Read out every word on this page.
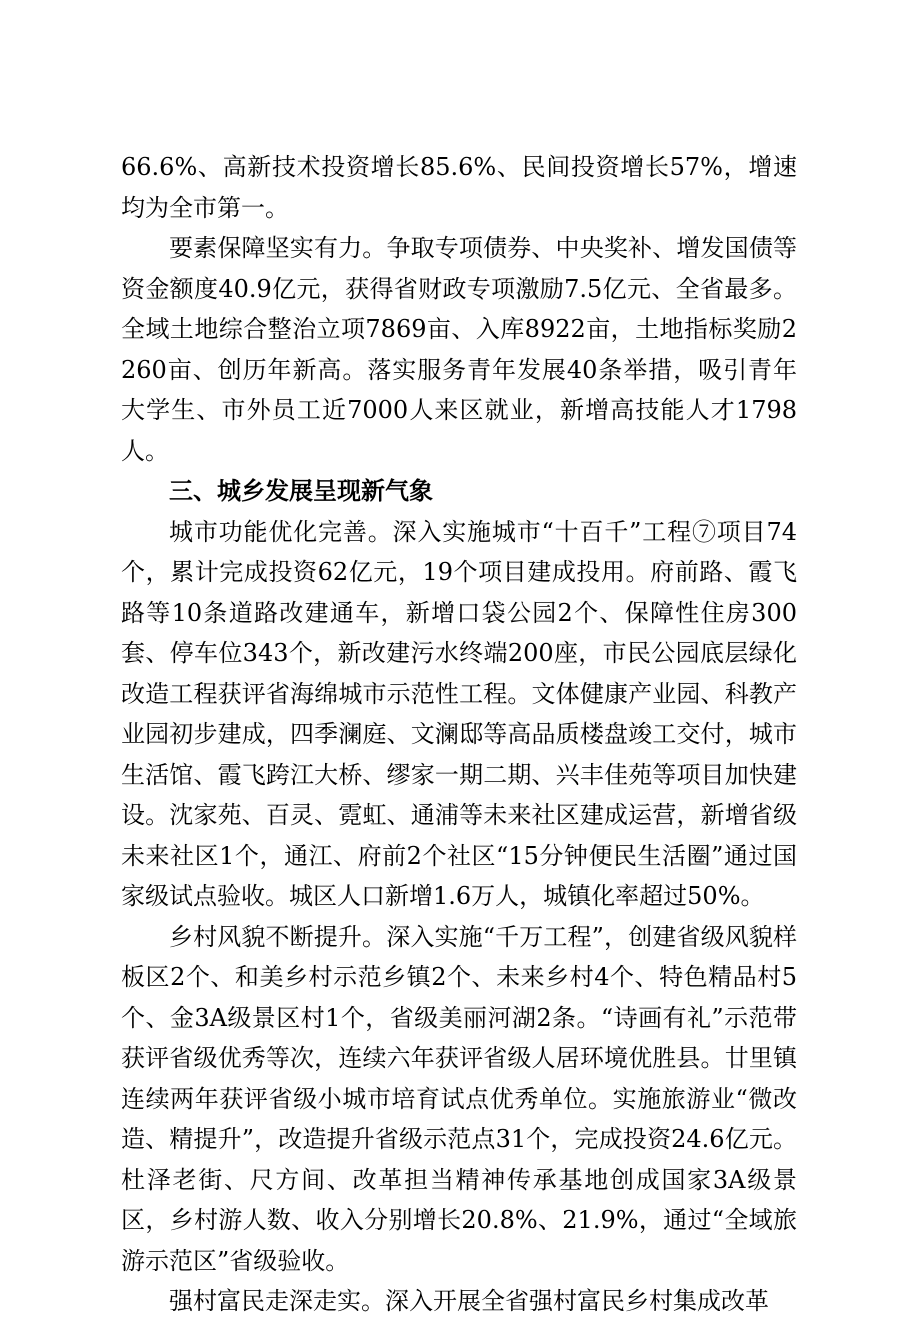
66.6%、高新技术投资增长85.6%、民间投资增长57%，增速均为全市第一。

要素保障坚实有力。争取专项债券、中央奖补、增发国债等资金额度40.9亿元，获得省财政专项激励7.5亿元、全省最多。全域土地综合整治立项7869亩、入库8922亩，土地指标奖励2260亩、创历年新高。落实服务青年发展40条举措，吸引青年大学生、市外员工近7000人来区就业，新增高技能人才1798人。

三、城乡发展呈现新气象

城市功能优化完善。深入实施城市“十百千”工程⑦项目74个，累计完成投资62亿元，19个项目建成投用。府前路、霞飞路等10条道路改建通车，新增口袋公园2个、保障性住房300套、停车位343个，新改建污水终端200座，市民公园底层绿化改造工程获评省海绵城市示范性工程。文体健康产业园、科教产业园初步建成，四季澜庭、文澜邸等高品质楼盘竣工交付，城市生活馆、霞飞跨江大桥、缪家一期二期、兴丰佳苑等项目加快建设。沈家苑、百灵、霓虹、通浦等未来社区建成运营，新增省级未来社区1个，通江、府前2个社区“15分钟便民生活圈”通过国家级试点验收。城区人口新增1.6万人，城镇化率超过50%。

乡村风貌不断提升。深入实施“千万工程”，创建省级风貌样板区2个、和美乡村示范乡镇2个、未来乡村4个、特色精品村5个、金3A级景区村1个，省级美丽河湖2条。“诗画有礼”示范带获评省级优秀等次，连续六年获评省级人居环境优胜县。廿里镇连续两年获评省级小城市培育试点优秀单位。实施旅游业“微改造、精提升”，改造提升省级示范点31个，完成投资24.6亿元。杜泽老街、尺方间、改革担当精神传承基地创成国家3A级景区，乡村游人数、收入分别增长20.8%、21.9%，通过“全域旅游示范区”省级验收。

强村富民走深走实。深入开展全省强村富民乡村集成改革
